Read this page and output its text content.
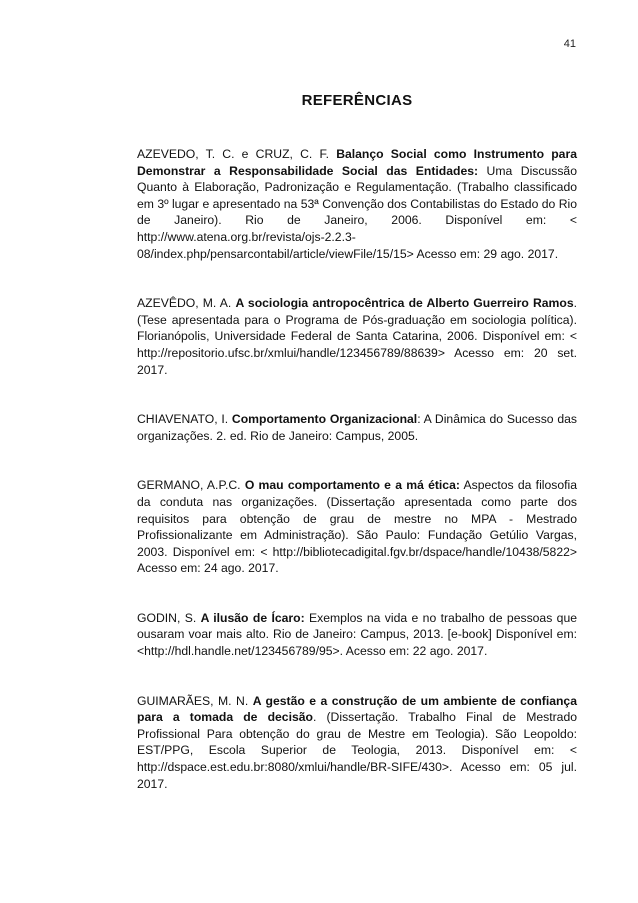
41
REFERÊNCIAS

AZEVEDO, T. C. e CRUZ, C. F. Balanço Social como Instrumento para Demonstrar a Responsabilidade Social das Entidades: Uma Discussão Quanto à Elaboração, Padronização e Regulamentação. (Trabalho classificado em 3º lugar e apresentado na 53ª Convenção dos Contabilistas do Estado do Rio de Janeiro). Rio de Janeiro, 2006. Disponível em: < http://www.atena.org.br/revista/ojs-2.2.3-08/index.php/pensarcontabil/article/viewFile/15/15> Acesso em: 29 ago. 2017.

AZEVÊDO, M. A. A sociologia antropocêntrica de Alberto Guerreiro Ramos. (Tese apresentada para o Programa de Pós-graduação em sociologia política). Florianópolis, Universidade Federal de Santa Catarina, 2006. Disponível em: < http://repositorio.ufsc.br/xmlui/handle/123456789/88639> Acesso em: 20 set. 2017.

CHIAVENATO, I. Comportamento Organizacional: A Dinâmica do Sucesso das organizações. 2. ed. Rio de Janeiro: Campus, 2005.

GERMANO, A.P.C. O mau comportamento e a má ética: Aspectos da filosofia da conduta nas organizações. (Dissertação apresentada como parte dos requisitos para obtenção de grau de mestre no MPA - Mestrado Profissionalizante em Administração). São Paulo: Fundação Getúlio Vargas, 2003. Disponível em: < http://bibliotecadigital.fgv.br/dspace/handle/10438/5822> Acesso em: 24 ago. 2017.

GODIN, S. A ilusão de Ícaro: Exemplos na vida e no trabalho de pessoas que ousaram voar mais alto. Rio de Janeiro: Campus, 2013. [e-book] Disponível em: <http://hdl.handle.net/123456789/95>. Acesso em: 22 ago. 2017.

GUIMARÃES, M. N. A gestão e a construção de um ambiente de confiança para a tomada de decisão. (Dissertação. Trabalho Final de Mestrado Profissional Para obtenção do grau de Mestre em Teologia). São Leopoldo: EST/PPG, Escola Superior de Teologia, 2013. Disponível em: < http://dspace.est.edu.br:8080/xmlui/handle/BR-SIFE/430>. Acesso em: 05 jul. 2017.
